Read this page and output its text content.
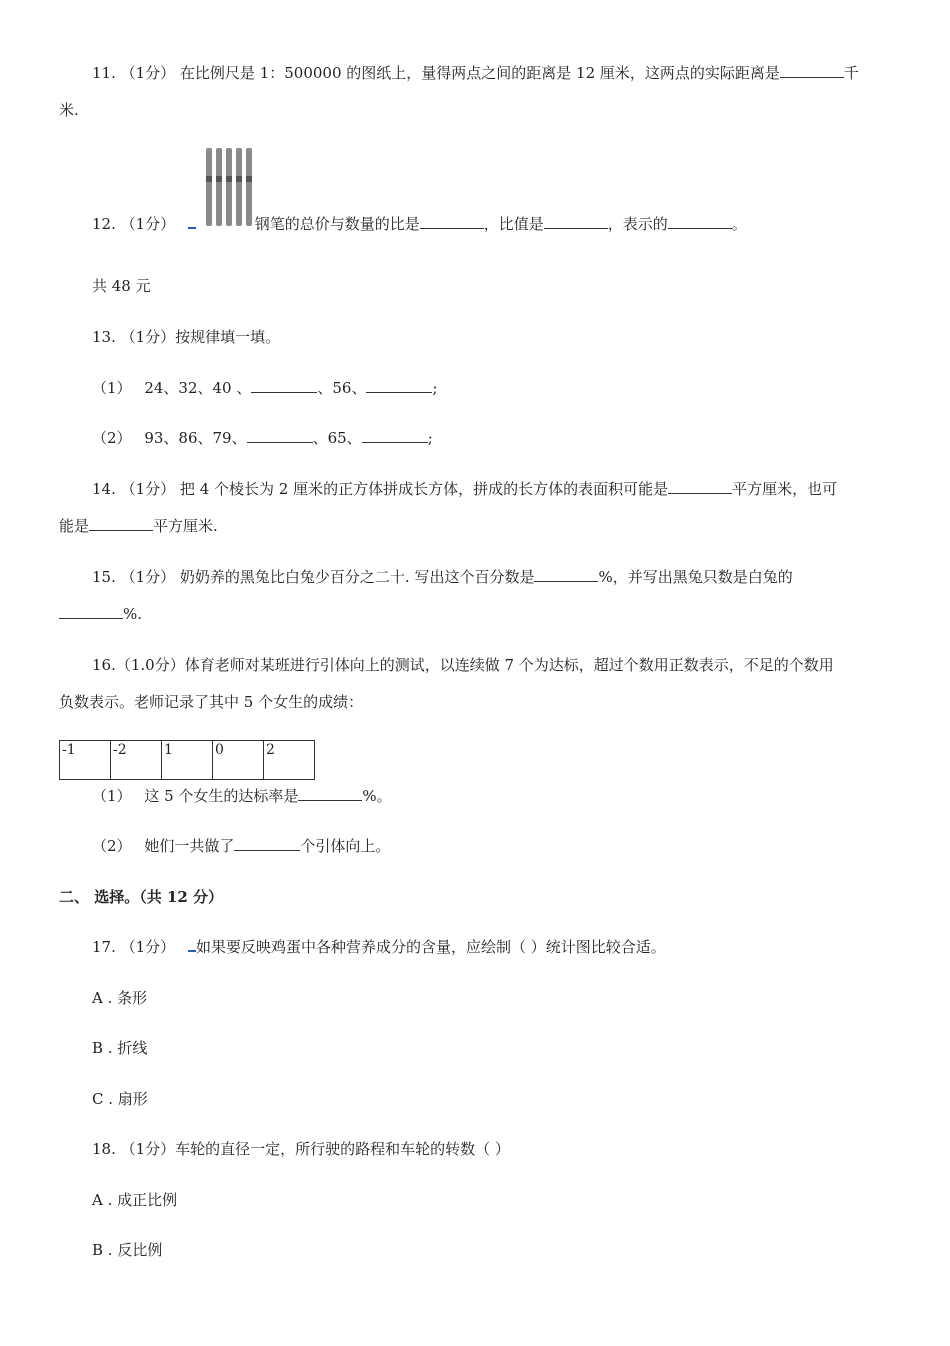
11. （1分） 在比例尺是 1：500000 的图纸上，量得两点之间的距离是 12 厘米，这两点的实际距离是	千
米.
12. （1分）	钢笔的总价与数量的比是	，比值是	，表示的	。
共 48 元
13. （1分）按规律填一填。
（1） 24、32、40 、	、56、	;
（2） 93、86、79、	、65、	;
14. （1分） 把 4 个棱长为 2 厘米的正方体拼成长方体，拼成的长方体的表面积可能是	平方厘米，也可
能是	平方厘米.
15. （1分） 奶奶养的黑兔比白兔少百分之二十. 写出这个百分数是	%，并写出黑兔只数是白兔的
%.
16.（1.0分）体育老师对某班进行引体向上的测试，以连续做 7 个为达标，超过个数用正数表示，不足的个数用
负数表示。老师记录了其中 5 个女生的成绩：
-1	-2	1	0	2
（1） 这 5 个女生的达标率是	%。
（2） 她们一共做了	个引体向上。
二、 选择。（共 12 分）
17. （1分） 如果要反映鸡蛋中各种营养成分的含量，应绘制（ ）统计图比较合适。
A . 条形
B . 折线
C . 扇形
18. （1分）车轮的直径一定，所行驶的路程和车轮的转数（ ）
A . 成正比例
B . 反比例
